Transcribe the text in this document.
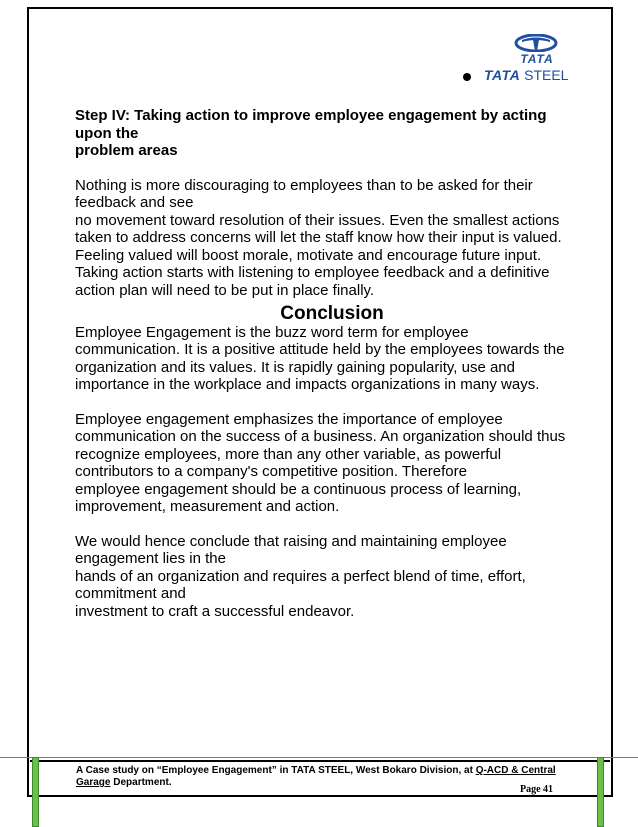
TATA
TATA STEEL

Step IV: Taking action to improve employee engagement by acting
upon the
problem areas

Nothing is more discouraging to employees than to be asked for their
feedback and see
no movement toward resolution of their issues. Even the smallest actions
taken to address concerns will let the staff know how their input is valued.
Feeling valued will boost morale, motivate and encourage future input.
Taking action starts with listening to employee feedback and a definitive
action plan will need to be put in place finally.

Conclusion

Employee Engagement is the buzz word term for employee
communication. It is a positive attitude held by the employees towards the
organization and its values. It is rapidly gaining popularity, use and
importance in the workplace and impacts organizations in many ways.

Employee engagement emphasizes the importance of employee
communication on the success of a business. An organization should thus
recognize employees, more than any other variable, as powerful
contributors to a company's competitive position. Therefore
employee engagement should be a continuous process of learning,
improvement, measurement and action.

We would hence conclude that raising and maintaining employee
engagement lies in the
hands of an organization and requires a perfect blend of time, effort,
commitment and
investment to craft a successful endeavor.

A Case study on “Employee Engagement” in TATA STEEL, West Bokaro Division, at Q-ACD & Central
Garage Department.
Page 41
